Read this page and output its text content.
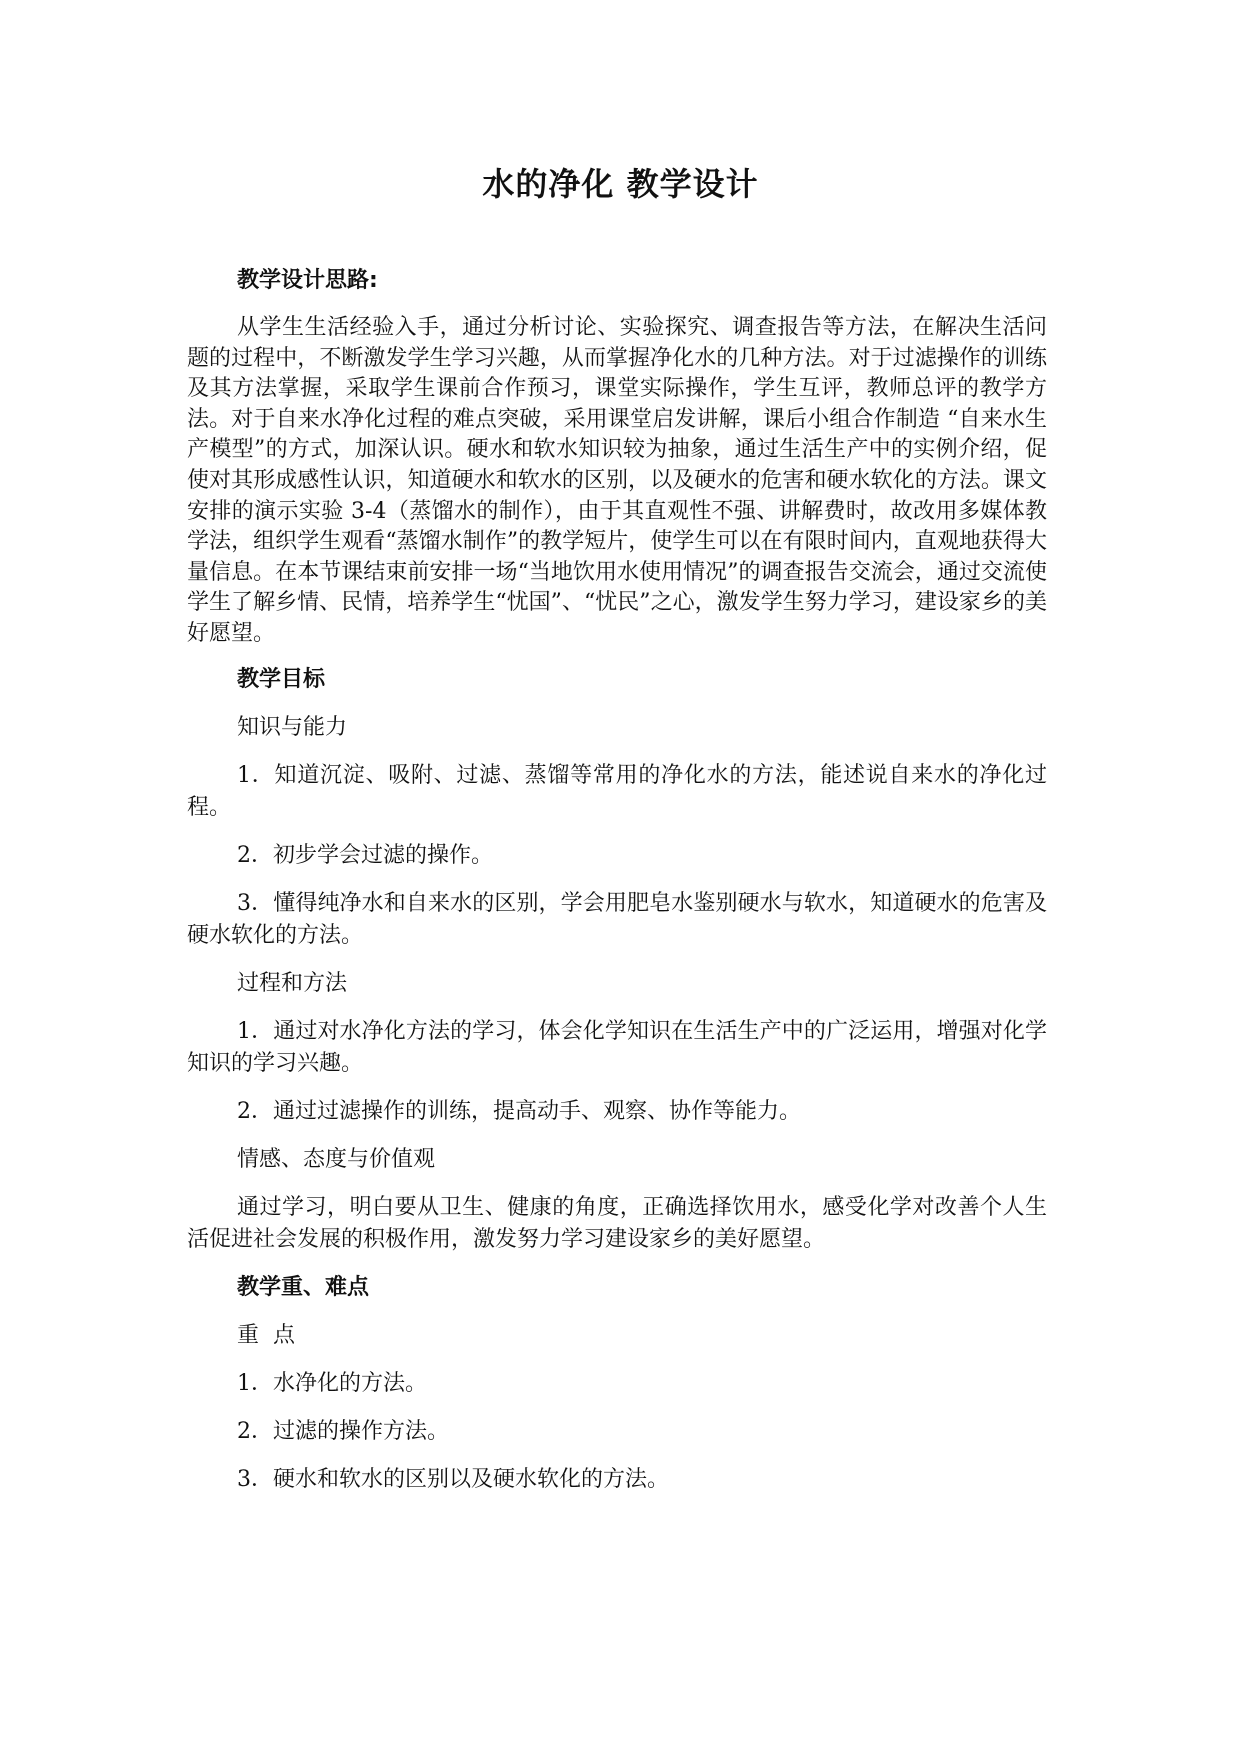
水的净化 教学设计
教学设计思路:

从学生生活经验入手，通过分析讨论、实验探究、调查报告等方法，在解决生活问题的过程中，不断激发学生学习兴趣，从而掌握净化水的几种方法。对于过滤操作的训练及其方法掌握，采取学生课前合作预习，课堂实际操作，学生互评，教师总评的教学方法。对于自来水净化过程的难点突破，采用课堂启发讲解，课后小组合作制造 “自来水生产模型”的方式，加深认识。硬水和软水知识较为抽象，通过生活生产中的实例介绍，促使对其形成感性认识，知道硬水和软水的区别，以及硬水的危害和硬水软化的方法。课文安排的演示实验 3-4（蒸馏水的制作），由于其直观性不强、讲解费时，故改用多媒体教学法，组织学生观看“蒸馏水制作”的教学短片，使学生可以在有限时间内，直观地获得大量信息。在本节课结束前安排一场“当地饮用水使用情况”的调查报告交流会，通过交流使学生了解乡情、民情，培养学生“忧国”、“忧民”之心，激发学生努力学习，建设家乡的美好愿望。

教学目标
知识与能力

1．知道沉淀、吸附、过滤、蒸馏等常用的净化水的方法，能述说自来水的净化过程。

2．初步学会过滤的操作。

3．懂得纯净水和自来水的区别，学会用肥皂水鉴别硬水与软水，知道硬水的危害及硬水软化的方法。

过程和方法

1．通过对水净化方法的学习，体会化学知识在生活生产中的广泛运用，增强对化学知识的学习兴趣。

2．通过过滤操作的训练，提高动手、观察、协作等能力。

情感、态度与价值观

通过学习，明白要从卫生、健康的角度，正确选择饮用水，感受化学对改善个人生活促进社会发展的积极作用，激发努力学习建设家乡的美好愿望。

教学重、难点
重  点

1．水净化的方法。

2．过滤的操作方法。

3．硬水和软水的区别以及硬水软化的方法。
